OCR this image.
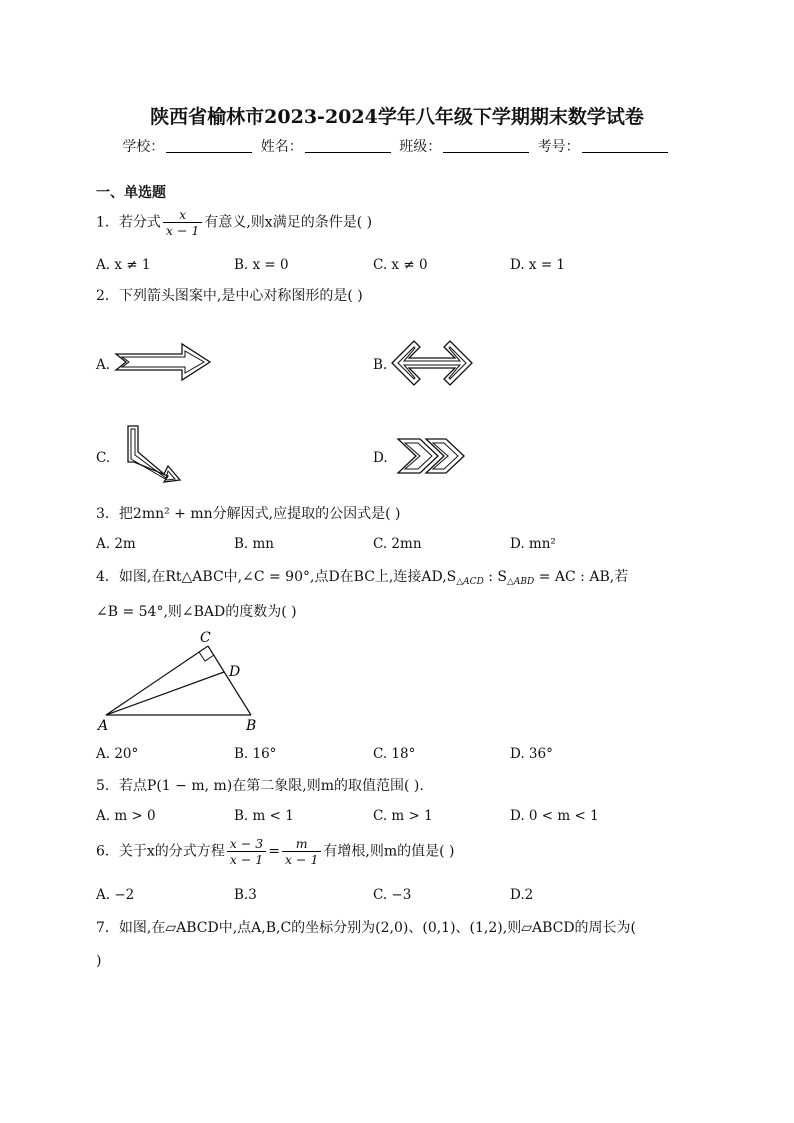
陕西省榆林市2023-2024学年八年级下学期期末数学试卷
学校：	姓名：	班级：	考号：
一、单选题
1．若分式 $\frac{x}{x - 1}$ 有意义,则x满足的条件是( )
A. x ≠ 1	B. x = 0	C. x ≠ 0	D. x = 1
2．下列箭头图案中,是中心对称图形的是( )
A.	B.
C.	D.
3．把2mn² + mn分解因式,应提取的公因式是( )
A. 2m	B. mn	C. 2mn	D. mn²
4．如图,在Rt△ABC中,∠C = 90°,点D在BC上,连接$AD,S_{\triangle ACD}$ : $S_{\triangle ABD}$ = AC : AB,若
∠B = 54°,则∠BAD的度数为( )
A	B
C
D
A. 20°	B. 16°	C. 18°	D. 36°
5．若点P(1 − m, m)在第二象限,则m的取值范围( ).
A. m > 0	B. m < 1	C. m > 1	D. 0 < m < 1
6．关于x的分式方程 $\frac{x - 3}{x - 1} = \frac{m}{x - 1}$ 有增根,则m的值是( )
A. −2	B.3	C. −3	D.2
7．如图,在▱ABCD中,点A,B,C的坐标分别为(2,0)、(0,1)、(1,2),则▱ABCD的周长为(
)
